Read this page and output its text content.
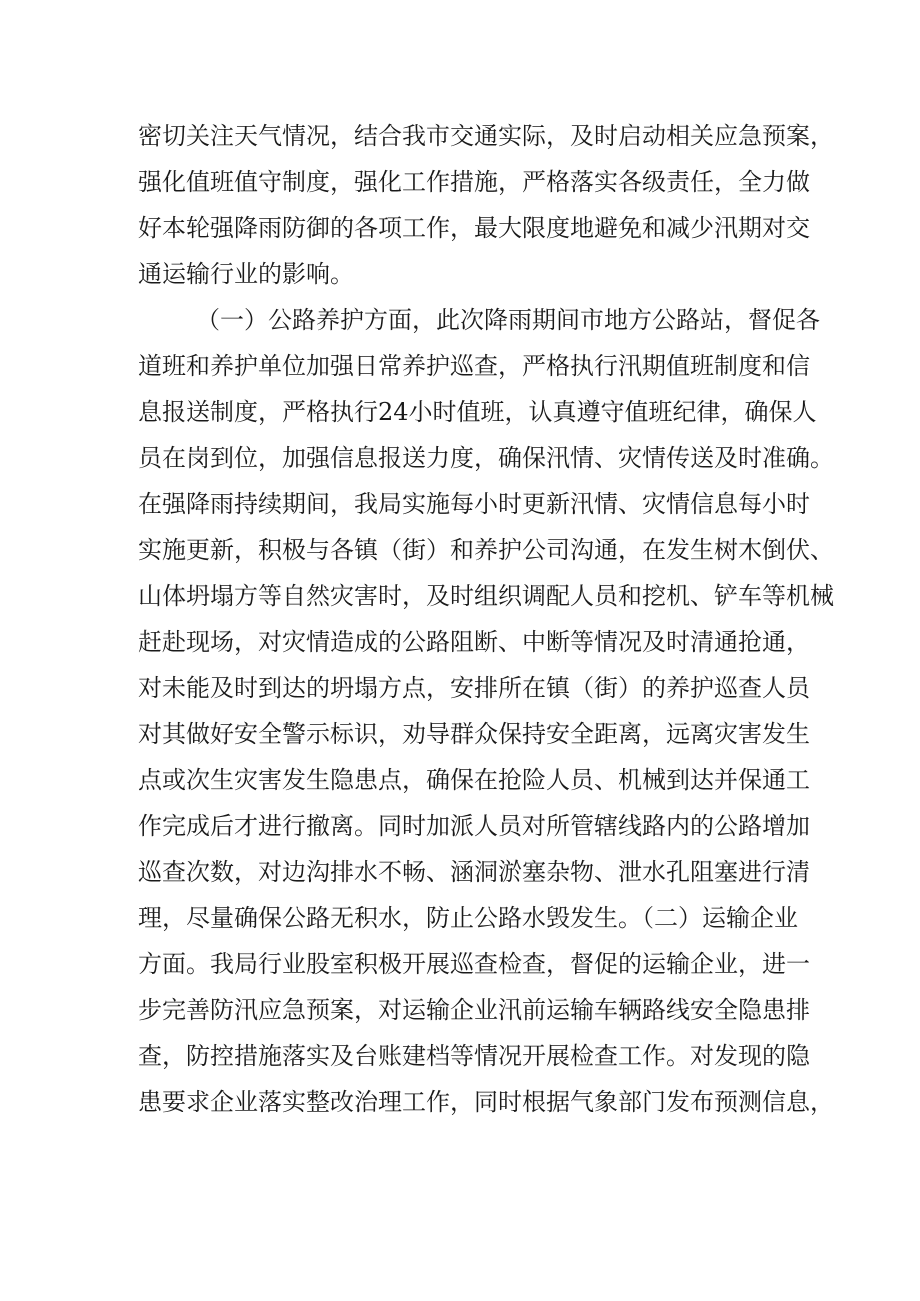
密切关注天气情况，结合我市交通实际，及时启动相关应急预案，
强化值班值守制度，强化工作措施，严格落实各级责任，全力做
好本轮强降雨防御的各项工作，最大限度地避免和减少汛期对交
通运输行业的影响。
（一）公路养护方面，此次降雨期间市地方公路站，督促各
道班和养护单位加强日常养护巡查，严格执行汛期值班制度和信
息报送制度，严格执行24小时值班，认真遵守值班纪律，确保人
员在岗到位，加强信息报送力度，确保汛情、灾情传送及时准确。
在强降雨持续期间，我局实施每小时更新汛情、灾情信息每小时
实施更新，积极与各镇（街）和养护公司沟通，在发生树木倒伏、
山体坍塌方等自然灾害时，及时组织调配人员和挖机、铲车等机械
赶赴现场，对灾情造成的公路阻断、中断等情况及时清通抢通，
对未能及时到达的坍塌方点，安排所在镇（街）的养护巡查人员
对其做好安全警示标识，劝导群众保持安全距离，远离灾害发生
点或次生灾害发生隐患点，确保在抢险人员、机械到达并保通工
作完成后才进行撤离。同时加派人员对所管辖线路内的公路增加
巡查次数，对边沟排水不畅、涵洞淤塞杂物、泄水孔阻塞进行清
理，尽量确保公路无积水，防止公路水毁发生。（二）运输企业
方面。我局行业股室积极开展巡查检查，督促的运输企业，进一
步完善防汛应急预案，对运输企业汛前运输车辆路线安全隐患排
查，防控措施落实及台账建档等情况开展检查工作。对发现的隐
患要求企业落实整改治理工作，同时根据气象部门发布预测信息，
